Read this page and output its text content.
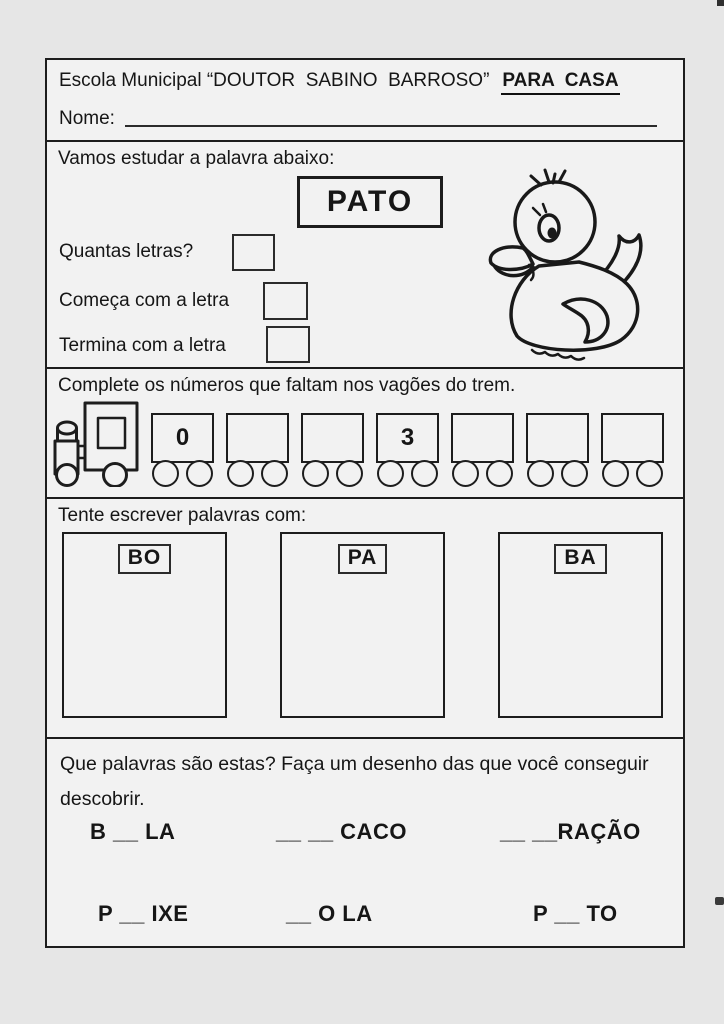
Escola Municipal “DOUTOR  SABINO  BARROSO” PARA  CASA
Nome:
Vamos estudar a palavra abaixo:
PATO
Quantas letras?
Começa com a letra
Termina com a letra
Complete os números que faltam nos vagões do trem.
0	3
Tente escrever palavras com:
BO	PA	BA
Que palavras são estas? Faça um desenho das que você conseguir descobrir.
B __ LA	__ __ CACO	__ __RAÇÃO
P __ IXE	__ O LA	P __ TO
